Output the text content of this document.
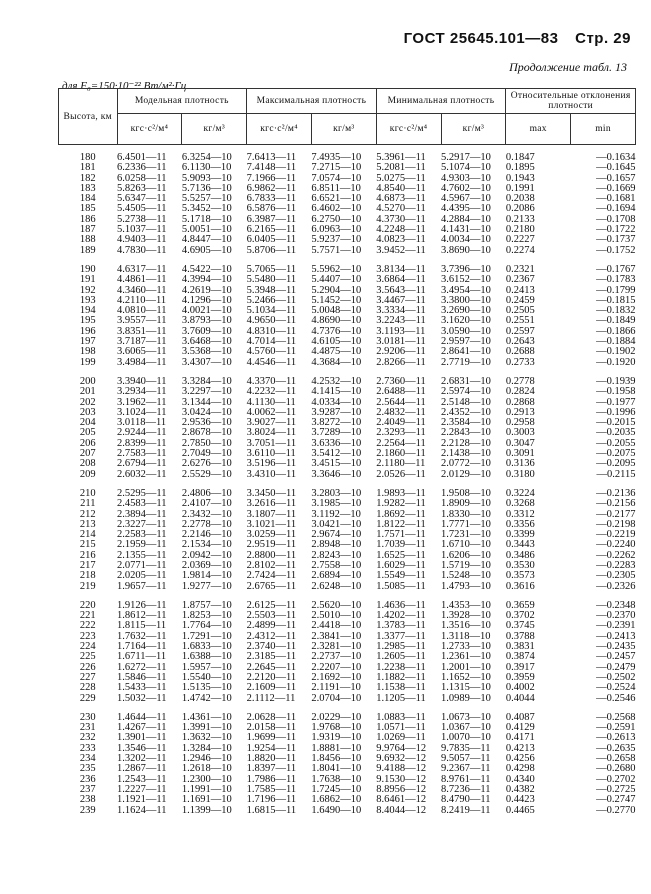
ГОСТ 25645.101—83 Стр. 29
Продолжение табл. 13
для F₀=150·10⁻²² Вт/м²·Гц
Высота, км	Модельная плотность		Максимальная плотность		Минимальная плотность		Относительные отклонения плотности	
	кгс·с²/м⁴	кг/м³	кгс·с²/м⁴	кг/м³	кгс·с²/м⁴	кг/м³	max	min

180	6.4501—11	6.3254—10	7.6413—11	7.4935—10	5.3961—11	5.2917—10	0.1847	—0.1634
181	6.2336—11	6.1130—10	7.4148—11	7.2715—10	5.2081—11	5.1074—10	0.1895	—0.1645
182	6.0258—11	5.9093—10	7.1966—11	7.0574—10	5.0275—11	4.9303—10	0.1943	—0.1657
183	5.8263—11	5.7136—10	6.9862—11	6.8511—10	4.8540—11	4.7602—10	0.1991	—0.1669
184	5.6347—11	5.5257—10	6.7833—11	6.6521—10	4.6873—11	4.5967—10	0.2038	—0.1681
185	5.4505—11	5.3452—10	6.5876—11	6.4602—10	4.5270—11	4.4395—10	0.2086	—0.1694
186	5.2738—11	5.1718—10	6.3987—11	6.2750—10	4.3730—11	4.2884—10	0.2133	—0.1708
187	5.1037—11	5.0051—10	6.2165—11	6.0963—10	4.2248—11	4.1431—10	0.2180	—0.1722
188	4.9403—11	4.8447—10	6.0405—11	5.9237—10	4.0823—11	4.0034—10	0.2227	—0.1737
189	4.7830—11	4.6905—10	5.8706—11	5.7571—10	3.9452—11	3.8690—10	0.2274	—0.1752

190	4.6317—11	4.5422—10	5.7065—11	5.5962—10	3.8134—11	3.7396—10	0.2321	—0.1767
191	4.4861—11	4.3994—10	5.5480—11	5.4407—10	3.6864—11	3.6152—10	0.2367	—0.1783
192	4.3460—11	4.2619—10	5.3948—11	5.2904—10	3.5643—11	3.4954—10	0.2413	—0.1799
193	4.2110—11	4.1296—10	5.2466—11	5.1452—10	3.4467—11	3.3800—10	0.2459	—0.1815
194	4.0810—11	4.0021—10	5.1034—11	5.0048—10	3.3334—11	3.2690—10	0.2505	—0.1832
195	3.9557—11	3.8793—10	4.9650—11	4.8690—10	3.2243—11	3.1620—10	0.2551	—0.1849
196	3.8351—11	3.7609—10	4.8310—11	4.7376—10	3.1193—11	3.0590—10	0.2597	—0.1866
197	3.7187—11	3.6468—10	4.7014—11	4.6105—10	3.0181—11	2.9597—10	0.2643	—0.1884
198	3.6065—11	3.5368—10	4.5760—11	4.4875—10	2.9206—11	2.8641—10	0.2688	—0.1902
199	3.4984—11	3.4307—10	4.4546—11	4.3684—10	2.8266—11	2.7719—10	0.2733	—0.1920

200	3.3940—11	3.3284—10	4.3370—11	4.2532—10	2.7360—11	2.6831—10	0.2778	—0.1939
201	3.2934—11	3.2297—10	4.2232—11	4.1415—10	2.6488—11	2.5974—10	0.2824	—0.1958
202	3.1962—11	3.1344—10	4.1130—11	4.0334—10	2.5644—11	2.5148—10	0.2868	—0.1977
203	3.1024—11	3.0424—10	4.0062—11	3.9287—10	2.4832—11	2.4352—10	0.2913	—0.1996
204	3.0118—11	2.9536—10	3.9027—11	3.8272—10	2.4049—11	2.3584—10	0.2958	—0.2015
205	2.9244—11	2.8678—10	3.8024—11	3.7289—10	2.3293—11	2.2843—10	0.3003	—0.2035
206	2.8399—11	2.7850—10	3.7051—11	3.6336—10	2.2564—11	2.2128—10	0.3047	—0.2055
207	2.7583—11	2.7049—10	3.6110—11	3.5412—10	2.1860—11	2.1438—10	0.3091	—0.2075
208	2.6794—11	2.6276—10	3.5196—11	3.4515—10	2.1180—11	2.0772—10	0.3136	—0.2095
209	2.6032—11	2.5529—10	3.4310—11	3.3646—10	2.0526—11	2.0129—10	0.3180	—0.2115

210	2.5295—11	2.4806—10	3.3450—11	3.2803—10	1.9893—11	1.9508—10	0.3224	—0.2136
211	2.4583—11	2.4107—10	3.2616—11	3.1985—10	1.9282—11	1.8909—10	0.3268	—0.2156
212	2.3894—11	2.3432—10	3.1807—11	3.1192—10	1.8692—11	1.8330—10	0.3312	—0.2177
213	2.3227—11	2.2778—10	3.1021—11	3.0421—10	1.8122—11	1.7771—10	0.3356	—0.2198
214	2.2583—11	2.2146—10	3.0259—11	2.9674—10	1.7571—11	1.7231—10	0.3399	—0.2219
215	2.1959—11	2.1534—10	2.9519—11	2.8948—10	1.7039—11	1.6710—10	0.3443	—0.2240
216	2.1355—11	2.0942—10	2.8800—11	2.8243—10	1.6525—11	1.6206—10	0.3486	—0.2262
217	2.0771—11	2.0369—10	2.8102—11	2.7558—10	1.6029—11	1.5719—10	0.3530	—0.2283
218	2.0205—11	1.9814—10	2.7424—11	2.6894—10	1.5549—11	1.5248—10	0.3573	—0.2305
219	1.9657—11	1.9277—10	2.6765—11	2.6248—10	1.5085—11	1.4793—10	0.3616	—0.2326

220	1.9126—11	1.8757—10	2.6125—11	2.5620—10	1.4636—11	1.4353—10	0.3659	—0.2348
221	1.8612—11	1.8253—10	2.5503—11	2.5010—10	1.4202—11	1.3928—10	0.3702	—0.2370
222	1.8115—11	1.7764—10	2.4899—11	2.4418—10	1.3783—11	1.3516—10	0.3745	—0.2391
223	1.7632—11	1.7291—10	2.4312—11	2.3841—10	1.3377—11	1.3118—10	0.3788	—0.2413
224	1.7164—11	1.6833—10	2.3740—11	2.3281—10	1.2985—11	1.2733—10	0.3831	—0.2435
225	1.6711—11	1.6388—10	2.3185—11	2.2737—10	1.2605—11	1.2361—10	0.3874	—0.2457
226	1.6272—11	1.5957—10	2.2645—11	2.2207—10	1.2238—11	1.2001—10	0.3917	—0.2479
227	1.5846—11	1.5540—10	2.2120—11	2.1692—10	1.1882—11	1.1652—10	0.3959	—0.2502
228	1.5433—11	1.5135—10	2.1609—11	2.1191—10	1.1538—11	1.1315—10	0.4002	—0.2524
229	1.5032—11	1.4742—10	2.1112—11	2.0704—10	1.1205—11	1.0989—10	0.4044	—0.2546

230	1.4644—11	1.4361—10	2.0628—11	2.0229—10	1.0883—11	1.0673—10	0.4087	—0.2568
231	1.4267—11	1.3991—10	2.0158—11	1.9768—10	1.0571—11	1.0367—10	0.4129	—0.2591
232	1.3901—11	1.3632—10	1.9699—11	1.9319—10	1.0269—11	1.0070—10	0.4171	—0.2613
233	1.3546—11	1.3284—10	1.9254—11	1.8881—10	9.9764—12	9.7835—11	0.4213	—0.2635
234	1.3202—11	1.2946—10	1.8820—11	1.8456—10	9.6932—12	9.5057—11	0.4256	—0.2658
235	1.2867—11	1.2618—10	1.8397—11	1.8041—10	9.4188—12	9.2367—11	0.4298	—0.2680
236	1.2543—11	1.2300—10	1.7986—11	1.7638—10	9.1530—12	8.9761—11	0.4340	—0.2702
237	1.2227—11	1.1991—10	1.7585—11	1.7245—10	8.8956—12	8.7236—11	0.4382	—0.2725
238	1.1921—11	1.1691—10	1.7196—11	1.6862—10	8.6461—12	8.4790—11	0.4423	—0.2747
239	1.1624—11	1.1399—10	1.6815—11	1.6490—10	8.4044—12	8.2419—11	0.4465	—0.2770
